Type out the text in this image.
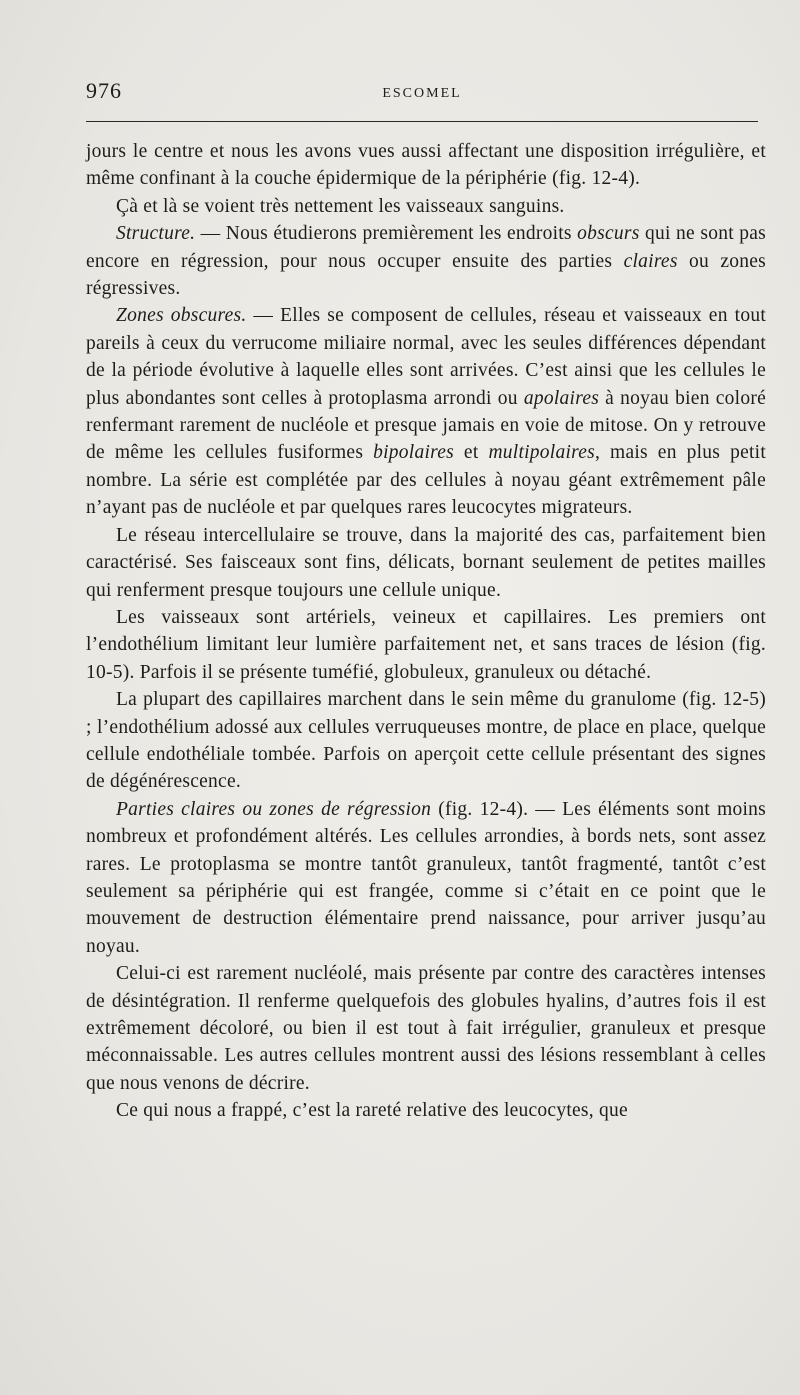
976	ESCOMEL

jours le centre et nous les avons vues aussi affectant une disposition irrégulière, et même confinant à la couche épidermique de la périphérie (fig. 12-4).

Çà et là se voient très nettement les vaisseaux sanguins.

Structure. — Nous étudierons premièrement les endroits obscurs qui ne sont pas encore en régression, pour nous occuper ensuite des parties claires ou zones régressives.

Zones obscures. — Elles se composent de cellules, réseau et vaisseaux en tout pareils à ceux du verrucome miliaire normal, avec les seules différences dépendant de la période évolutive à laquelle elles sont arrivées. C’est ainsi que les cellules le plus abondantes sont celles à protoplasma arrondi ou apolaires à noyau bien coloré renfermant rarement de nucléole et presque jamais en voie de mitose. On y retrouve de même les cellules fusiformes bipolaires et multipolaires, mais en plus petit nombre. La série est complétée par des cellules à noyau géant extrêmement pâle n’ayant pas de nucléole et par quelques rares leucocytes migrateurs.

Le réseau intercellulaire se trouve, dans la majorité des cas, parfaitement bien caractérisé. Ses faisceaux sont fins, délicats, bornant seulement de petites mailles qui renferment presque toujours une cellule unique.

Les vaisseaux sont artériels, veineux et capillaires. Les premiers ont l’endothélium limitant leur lumière parfaitement net, et sans traces de lésion (fig. 10-5). Parfois il se présente tuméfié, globuleux, granuleux ou détaché.

La plupart des capillaires marchent dans le sein même du granulome (fig. 12-5) ; l’endothélium adossé aux cellules verruqueuses montre, de place en place, quelque cellule endothéliale tombée. Parfois on aperçoit cette cellule présentant des signes de dégénérescence.

Parties claires ou zones de régression (fig. 12-4). — Les éléments sont moins nombreux et profondément altérés. Les cellules arrondies, à bords nets, sont assez rares. Le protoplasma se montre tantôt granuleux, tantôt fragmenté, tantôt c’est seulement sa périphérie qui est frangée, comme si c’était en ce point que le mouvement de destruction élémentaire prend naissance, pour arriver jusqu’au noyau.

Celui-ci est rarement nucléolé, mais présente par contre des caractères intenses de désintégration. Il renferme quelquefois des globules hyalins, d’autres fois il est extrêmement décoloré, ou bien il est tout à fait irrégulier, granuleux et presque méconnaissable. Les autres cellules montrent aussi des lésions ressemblant à celles que nous venons de décrire.

Ce qui nous a frappé, c’est la rareté relative des leucocytes, que
